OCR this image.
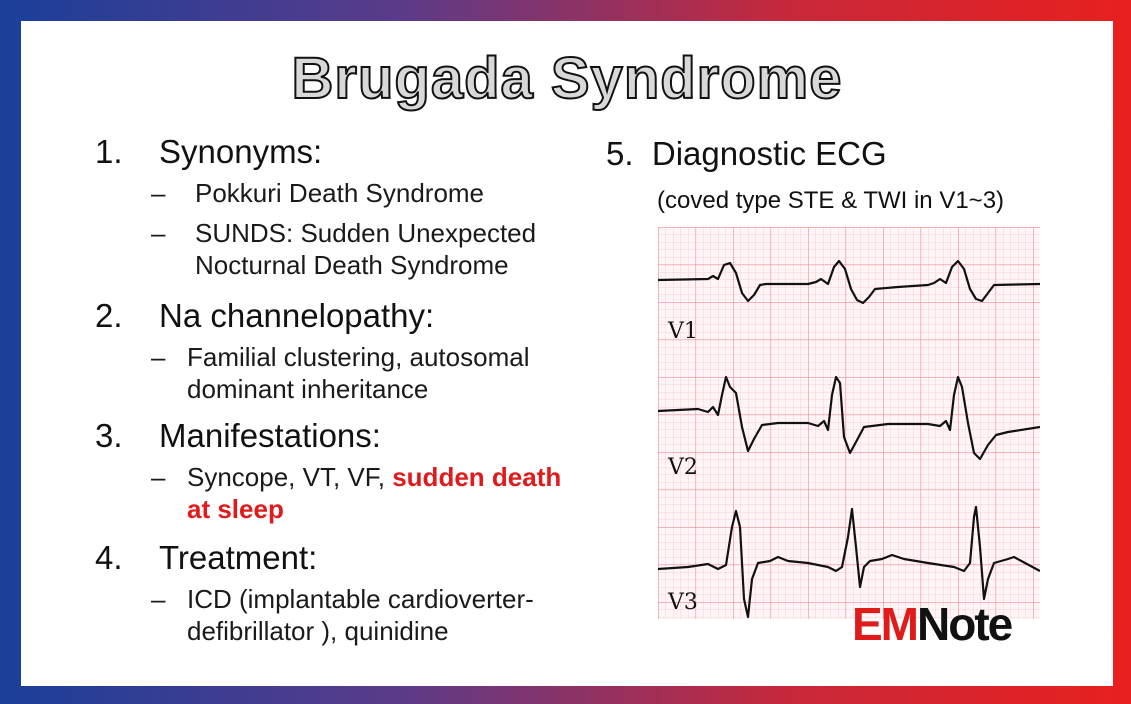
Brugada Syndrome
1. Synonyms:
– Pokkuri Death Syndrome
– SUNDS: Sudden Unexpected
Nocturnal Death Syndrome
2. Na channelopathy:
– Familial clustering, autosomal
dominant inheritance
3. Manifestations:
– Syncope, VT, VF, sudden death
at sleep
4. Treatment:
– ICD (implantable cardioverter-
defibrillator ), quinidine
5. Diagnostic ECG
(coved type STE & TWI in V1~3)
V1
V2
V3	EMNote
